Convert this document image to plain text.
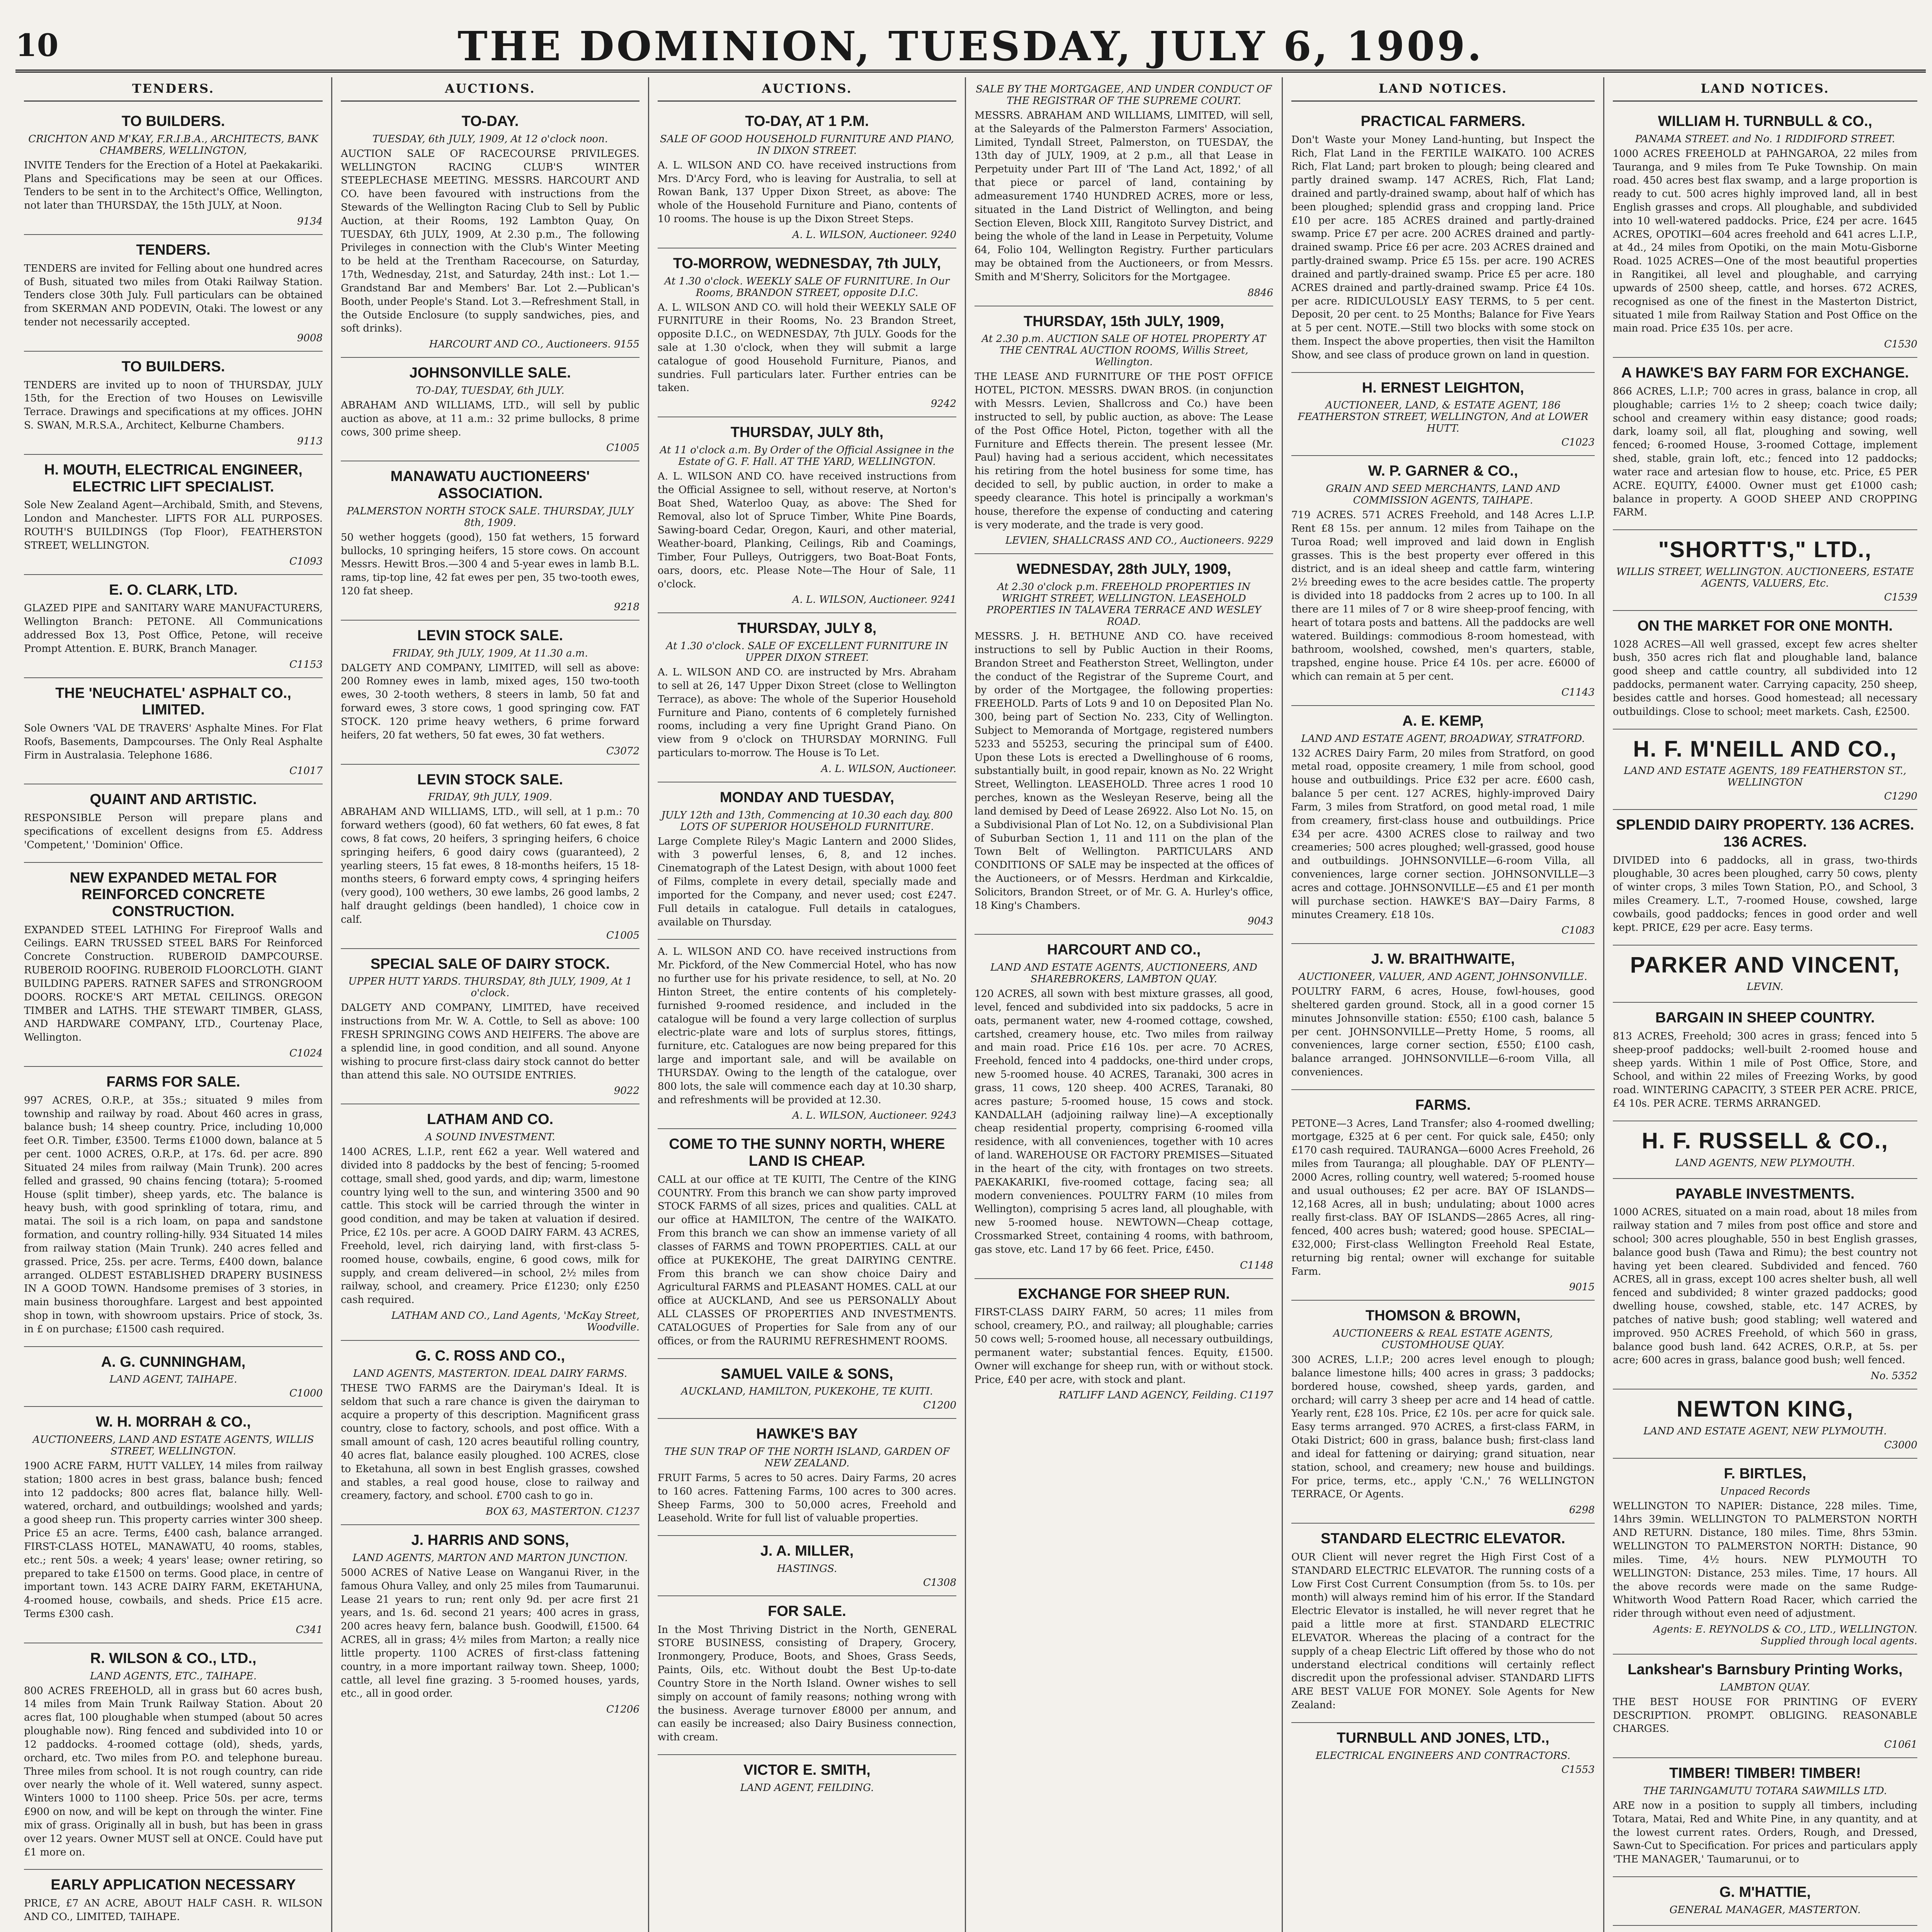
10	THE DOMINION, TUESDAY, JULY 6, 1909.
TENDERS.
TO BUILDERS.
CRICHTON AND M'KAY, F.R.I.B.A., ARCHITECTS, BANK CHAMBERS, WELLINGTON,
INVITE Tenders for the Erection of a Hotel at Paekakariki. Plans and Specifications may be seen at our Offices. Tenders to be sent in to the Architect's Office, Wellington, not later than THURSDAY, the 15th JULY, at Noon.
9134
TENDERS.
TENDERS are invited for Felling about one hundred acres of Bush, situated two miles from Otaki Railway Station. Tenders close 30th July. Full particulars can be obtained from SKERMAN AND PODEVIN, Otaki. The lowest or any tender not necessarily accepted.
9008
TO BUILDERS.
TENDERS are invited up to noon of THURSDAY, JULY 15th, for the Erection of two Houses on Lewisville Terrace. Drawings and specifications at my offices. JOHN S. SWAN, M.R.S.A., Architect, Kelburne Chambers.
9113
H. MOUTH, ELECTRICAL ENGINEER, ELECTRIC LIFT SPECIALIST.
Sole New Zealand Agent—Archibald, Smith, and Stevens, London and Manchester. LIFTS FOR ALL PURPOSES. ROUTH'S BUILDINGS (Top Floor), FEATHERSTON STREET, WELLINGTON.
C1093
E. O. CLARK, LTD.
GLAZED PIPE and SANITARY WARE MANUFACTURERS, Wellington Branch: PETONE. All Communications addressed Box 13, Post Office, Petone, will receive Prompt Attention. E. BURK, Branch Manager.
C1153
THE 'NEUCHATEL' ASPHALT CO., LIMITED.
Sole Owners 'VAL DE TRAVERS' Asphalte Mines. For Flat Roofs, Basements, Dampcourses. The Only Real Asphalte Firm in Australasia. Telephone 1686.
C1017
QUAINT AND ARTISTIC.
RESPONSIBLE Person will prepare plans and specifications of excellent designs from £5. Address 'Competent,' 'Dominion' Office.
NEW EXPANDED METAL FOR REINFORCED CONCRETE CONSTRUCTION.
EXPANDED STEEL LATHING For Fireproof Walls and Ceilings. EARN TRUSSED STEEL BARS For Reinforced Concrete Construction. RUBEROID DAMPCOURSE. RUBEROID ROOFING. RUBEROID FLOORCLOTH. GIANT BUILDING PAPERS. RATNER SAFES and STRONGROOM DOORS. ROCKE'S ART METAL CEILINGS. OREGON TIMBER and LATHS. THE STEWART TIMBER, GLASS, AND HARDWARE COMPANY, LTD., Courtenay Place, Wellington.
C1024
FARMS FOR SALE.
997 ACRES, O.R.P., at 35s.; situated 9 miles from township and railway by road. About 460 acres in grass, balance bush; 14 sheep country. Price, including 10,000 feet O.R. Timber, £3500. Terms £1000 down, balance at 5 per cent. 1000 ACRES, O.R.P., at 17s. 6d. per acre. 890 Situated 24 miles from railway (Main Trunk). 200 acres felled and grassed, 90 chains fencing (totara); 5-roomed House (split timber), sheep yards, etc. The balance is heavy bush, with good sprinkling of totara, rimu, and matai. The soil is a rich loam, on papa and sandstone formation, and country rolling-hilly. 934 Situated 14 miles from railway station (Main Trunk). 240 acres felled and grassed. Price, 25s. per acre. Terms, £400 down, balance arranged. OLDEST ESTABLISHED DRAPERY BUSINESS IN A GOOD TOWN. Handsome premises of 3 stories, in main business thoroughfare. Largest and best appointed shop in town, with showroom upstairs. Price of stock, 3s. in £ on purchase; £1500 cash required.
A. G. CUNNINGHAM,
LAND AGENT, TAIHAPE.
C1000
W. H. MORRAH & CO.,
AUCTIONEERS, LAND AND ESTATE AGENTS, WILLIS STREET, WELLINGTON.
1900 ACRE FARM, HUTT VALLEY, 14 miles from railway station; 1800 acres in best grass, balance bush; fenced into 12 paddocks; 800 acres flat, balance hilly. Well-watered, orchard, and outbuildings; woolshed and yards; a good sheep run. This property carries winter 300 sheep. Price £5 an acre. Terms, £400 cash, balance arranged. FIRST-CLASS HOTEL, MANAWATU, 40 rooms, stables, etc.; rent 50s. a week; 4 years' lease; owner retiring, so prepared to take £1500 on terms. Good place, in centre of important town. 143 ACRE DAIRY FARM, EKETAHUNA, 4-roomed house, cowbails, and sheds. Price £15 acre. Terms £300 cash.
C341
R. WILSON & CO., LTD.,
LAND AGENTS, ETC., TAIHAPE.
800 ACRES FREEHOLD, all in grass but 60 acres bush, 14 miles from Main Trunk Railway Station. About 20 acres flat, 100 ploughable when stumped (about 50 acres ploughable now). Ring fenced and subdivided into 10 or 12 paddocks. 4-roomed cottage (old), sheds, yards, orchard, etc. Two miles from P.O. and telephone bureau. Three miles from school. It is not rough country, can ride over nearly the whole of it. Well watered, sunny aspect. Winters 1000 to 1100 sheep. Price 50s. per acre, terms £900 on now, and will be kept on through the winter. Fine mix of grass. Originally all in bush, but has been in grass over 12 years. Owner MUST sell at ONCE. Could have put £1 more on.
EARLY APPLICATION NECESSARY
PRICE, £7 AN ACRE, ABOUT HALF CASH. R. WILSON AND CO., LIMITED, TAIHAPE.
AUCTIONS.
TO-DAY.
TUESDAY, 6th JULY, 1909, At 12 o'clock noon.
AUCTION SALE OF RACECOURSE PRIVILEGES. WELLINGTON RACING CLUB'S WINTER STEEPLECHASE MEETING. MESSRS. HARCOURT AND CO. have been favoured with instructions from the Stewards of the Wellington Racing Club to Sell by Public Auction, at their Rooms, 192 Lambton Quay, On TUESDAY, 6th JULY, 1909, At 2.30 p.m., The following Privileges in connection with the Club's Winter Meeting to be held at the Trentham Racecourse, on Saturday, 17th, Wednesday, 21st, and Saturday, 24th inst.: Lot 1.—Grandstand Bar and Members' Bar. Lot 2.—Publican's Booth, under People's Stand. Lot 3.—Refreshment Stall, in the Outside Enclosure (to supply sandwiches, pies, and soft drinks).
HARCOURT AND CO., Auctioneers. 9155
JOHNSONVILLE SALE.
TO-DAY, TUESDAY, 6th JULY.
ABRAHAM AND WILLIAMS, LTD., will sell by public auction as above, at 11 a.m.: 32 prime bullocks, 8 prime cows, 300 prime sheep.
C1005
MANAWATU AUCTIONEERS' ASSOCIATION.
PALMERSTON NORTH STOCK SALE. THURSDAY, JULY 8th, 1909.
50 wether hoggets (good), 150 fat wethers, 15 forward bullocks, 10 springing heifers, 15 store cows. On account Messrs. Hewitt Bros.—300 4 and 5-year ewes in lamb B.L. rams, tip-top line, 42 fat ewes per pen, 35 two-tooth ewes, 120 fat sheep.
9218
LEVIN STOCK SALE.
FRIDAY, 9th JULY, 1909, At 11.30 a.m.
DALGETY AND COMPANY, LIMITED, will sell as above: 200 Romney ewes in lamb, mixed ages, 150 two-tooth ewes, 30 2-tooth wethers, 8 steers in lamb, 50 fat and forward ewes, 3 store cows, 1 good springing cow. FAT STOCK. 120 prime heavy wethers, 6 prime forward heifers, 20 fat wethers, 50 fat ewes, 30 fat wethers.
C3072
LEVIN STOCK SALE.
FRIDAY, 9th JULY, 1909.
ABRAHAM AND WILLIAMS, LTD., will sell, at 1 p.m.: 70 forward wethers (good), 60 fat wethers, 60 fat ewes, 8 fat cows, 8 fat cows, 20 heifers, 3 springing heifers, 6 choice springing heifers, 6 good dairy cows (guaranteed), 2 yearling steers, 15 fat ewes, 8 18-months heifers, 15 18-months steers, 6 forward empty cows, 4 springing heifers (very good), 100 wethers, 30 ewe lambs, 26 good lambs, 2 half draught geldings (been handled), 1 choice cow in calf.
C1005
SPECIAL SALE OF DAIRY STOCK.
UPPER HUTT YARDS. THURSDAY, 8th JULY, 1909, At 1 o'clock.
DALGETY AND COMPANY, LIMITED, have received instructions from Mr. W. A. Cottle, to Sell as above: 100 FRESH SPRINGING COWS AND HEIFERS. The above are a splendid line, in good condition, and all sound. Anyone wishing to procure first-class dairy stock cannot do better than attend this sale. NO OUTSIDE ENTRIES.
9022
LATHAM AND CO.
A SOUND INVESTMENT.
1400 ACRES, L.I.P., rent £62 a year. Well watered and divided into 8 paddocks by the best of fencing; 5-roomed cottage, small shed, good yards, and dip; warm, limestone country lying well to the sun, and wintering 3500 and 90 cattle. This stock will be carried through the winter in good condition, and may be taken at valuation if desired. Price, £2 10s. per acre. A GOOD DAIRY FARM. 43 ACRES, Freehold, level, rich dairying land, with first-class 5-roomed house, cowbails, engine, 6 good cows, milk for supply, and cream delivered—in school, 2½ miles from railway, school, and creamery. Price £1230; only £250 cash required.
LATHAM AND CO., Land Agents, 'McKay Street, Woodville.
G. C. ROSS AND CO.,
LAND AGENTS, MASTERTON. IDEAL DAIRY FARMS.
THESE TWO FARMS are the Dairyman's Ideal. It is seldom that such a rare chance is given the dairyman to acquire a property of this description. Magnificent grass country, close to factory, schools, and post office. With a small amount of cash, 120 acres beautiful rolling country, 40 acres flat, balance easily ploughed. 100 ACRES, close to Eketahuna, all sown in best English grasses, cowshed and stables, a real good house, close to railway and creamery, factory, and school. £700 cash to go in.
BOX 63, MASTERTON. C1237
J. HARRIS AND SONS,
LAND AGENTS, MARTON AND MARTON JUNCTION.
5000 ACRES of Native Lease on Wanganui River, in the famous Ohura Valley, and only 25 miles from Taumarunui. Lease 21 years to run; rent only 9d. per acre first 21 years, and 1s. 6d. second 21 years; 400 acres in grass, 200 acres heavy fern, balance bush. Goodwill, £1500. 64 ACRES, all in grass; 4½ miles from Marton; a really nice little property. 1100 ACRES of first-class fattening country, in a more important railway town. Sheep, 1000; cattle, all level fine grazing. 3 5-roomed houses, yards, etc., all in good order.
C1206
AUCTIONS.
TO-DAY, AT 1 P.M.
SALE OF GOOD HOUSEHOLD FURNITURE AND PIANO, IN DIXON STREET.
A. L. WILSON AND CO. have received instructions from Mrs. D'Arcy Ford, who is leaving for Australia, to sell at Rowan Bank, 137 Upper Dixon Street, as above: The whole of the Household Furniture and Piano, contents of 10 rooms. The house is up the Dixon Street Steps.
A. L. WILSON, Auctioneer. 9240
TO-MORROW, WEDNESDAY, 7th JULY,
At 1.30 o'clock. WEEKLY SALE OF FURNITURE. In Our Rooms, BRANDON STREET, opposite D.I.C.
A. L. WILSON AND CO. will hold their WEEKLY SALE OF FURNITURE in their Rooms, No. 23 Brandon Street, opposite D.I.C., on WEDNESDAY, 7th JULY. Goods for the sale at 1.30 o'clock, when they will submit a large catalogue of good Household Furniture, Pianos, and sundries. Full particulars later. Further entries can be taken.
9242
THURSDAY, JULY 8th,
At 11 o'clock a.m. By Order of the Official Assignee in the Estate of G. F. Hall. AT THE YARD, WELLINGTON.
A. L. WILSON AND CO. have received instructions from the Official Assignee to sell, without reserve, at Norton's Boat Shed, Waterloo Quay, as above: The Shed for Removal, also lot of Spruce Timber, White Pine Boards, Sawing-board Cedar, Oregon, Kauri, and other material, Weather-board, Planking, Ceilings, Rib and Coamings, Timber, Four Pulleys, Outriggers, two Boat-Boat Fonts, oars, doors, etc. Please Note—The Hour of Sale, 11 o'clock.
A. L. WILSON, Auctioneer. 9241
THURSDAY, JULY 8,
At 1.30 o'clock. SALE OF EXCELLENT FURNITURE IN UPPER DIXON STREET.
A. L. WILSON AND CO. are instructed by Mrs. Abraham to sell at 26, 147 Upper Dixon Street (close to Wellington Terrace), as above: The whole of the Superior Household Furniture and Piano, contents of 6 completely furnished rooms, including a very fine Upright Grand Piano. On view from 9 o'clock on THURSDAY MORNING. Full particulars to-morrow. The House is To Let.
A. L. WILSON, Auctioneer.
MONDAY AND TUESDAY,
JULY 12th and 13th, Commencing at 10.30 each day. 800 LOTS OF SUPERIOR HOUSEHOLD FURNITURE.
Large Complete Riley's Magic Lantern and 2000 Slides, with 3 powerful lenses, 6, 8, and 12 inches. Cinematograph of the Latest Design, with about 1000 feet of Films, complete in every detail, specially made and imported for the Company, and never used; cost £247. Full details in catalogue. Full details in catalogues, available on Thursday.
A. L. WILSON AND CO. have received instructions from Mr. Pickford, of the New Commercial Hotel, who has now no further use for his private residence, to sell, at No. 20 Hinton Street, the entire contents of his completely-furnished 9-roomed residence, and included in the catalogue will be found a very large collection of surplus electric-plate ware and lots of surplus stores, fittings, furniture, etc. Catalogues are now being prepared for this large and important sale, and will be available on THURSDAY. Owing to the length of the catalogue, over 800 lots, the sale will commence each day at 10.30 sharp, and refreshments will be provided at 12.30.
A. L. WILSON, Auctioneer. 9243
COME TO THE SUNNY NORTH, WHERE LAND IS CHEAP.
CALL at our office at TE KUITI, The Centre of the KING COUNTRY. From this branch we can show party improved STOCK FARMS of all sizes, prices and qualities. CALL at our office at HAMILTON, The centre of the WAIKATO. From this branch we can show an immense variety of all classes of FARMS and TOWN PROPERTIES. CALL at our office at PUKEKOHE, The great DAIRYING CENTRE. From this branch we can show choice Dairy and Agricultural FARMS and PLEASANT HOMES. CALL at our office at AUCKLAND, And see us PERSONALLY About ALL CLASSES OF PROPERTIES AND INVESTMENTS. CATALOGUES of Properties for Sale from any of our offices, or from the RAURIMU REFRESHMENT ROOMS.
SAMUEL VAILE & SONS,
AUCKLAND, HAMILTON, PUKEKOHE, TE KUITI.
C1200
HAWKE'S BAY
THE SUN TRAP OF THE NORTH ISLAND, GARDEN OF NEW ZEALAND.
FRUIT Farms, 5 acres to 50 acres. Dairy Farms, 20 acres to 160 acres. Fattening Farms, 100 acres to 300 acres. Sheep Farms, 300 to 50,000 acres, Freehold and Leasehold. Write for full list of valuable properties.
J. A. MILLER,
HASTINGS.
C1308
FOR SALE.
In the Most Thriving District in the North, GENERAL STORE BUSINESS, consisting of Drapery, Grocery, Ironmongery, Produce, Boots, and Shoes, Grass Seeds, Paints, Oils, etc. Without doubt the Best Up-to-date Country Store in the North Island. Owner wishes to sell simply on account of family reasons; nothing wrong with the business. Average turnover £8000 per annum, and can easily be increased; also Dairy Business connection, with cream.
VICTOR E. SMITH,
LAND AGENT, FEILDING.
SALE BY THE MORTGAGEE, AND UNDER CONDUCT OF THE REGISTRAR OF THE SUPREME COURT.
MESSRS. ABRAHAM AND WILLIAMS, LIMITED, will sell, at the Saleyards of the Palmerston Farmers' Association, Limited, Tyndall Street, Palmerston, on TUESDAY, the 13th day of JULY, 1909, at 2 p.m., all that Lease in Perpetuity under Part III of 'The Land Act, 1892,' of all that piece or parcel of land, containing by admeasurement 1740 HUNDRED ACRES, more or less, situated in the Land District of Wellington, and being Section Eleven, Block XIII, Rangitoto Survey District, and being the whole of the land in Lease in Perpetuity, Volume 64, Folio 104, Wellington Registry. Further particulars may be obtained from the Auctioneers, or from Messrs. Smith and M'Sherry, Solicitors for the Mortgagee.
8846
THURSDAY, 15th JULY, 1909,
At 2.30 p.m. AUCTION SALE OF HOTEL PROPERTY AT THE CENTRAL AUCTION ROOMS, Willis Street, Wellington.
THE LEASE AND FURNITURE OF THE POST OFFICE HOTEL, PICTON. MESSRS. DWAN BROS. (in conjunction with Messrs. Levien, Shallcross and Co.) have been instructed to sell, by public auction, as above: The Lease of the Post Office Hotel, Picton, together with all the Furniture and Effects therein. The present lessee (Mr. Paul) having had a serious accident, which necessitates his retiring from the hotel business for some time, has decided to sell, by public auction, in order to make a speedy clearance. This hotel is principally a workman's house, therefore the expense of conducting and catering is very moderate, and the trade is very good.
LEVIEN, SHALLCRASS AND CO., Auctioneers. 9229
WEDNESDAY, 28th JULY, 1909,
At 2.30 o'clock p.m. FREEHOLD PROPERTIES IN WRIGHT STREET, WELLINGTON. LEASEHOLD PROPERTIES IN TALAVERA TERRACE AND WESLEY ROAD.
MESSRS. J. H. BETHUNE AND CO. have received instructions to sell by Public Auction in their Rooms, Brandon Street and Featherston Street, Wellington, under the conduct of the Registrar of the Supreme Court, and by order of the Mortgagee, the following properties: FREEHOLD. Parts of Lots 9 and 10 on Deposited Plan No. 300, being part of Section No. 233, City of Wellington. Subject to Memoranda of Mortgage, registered numbers 5233 and 55253, securing the principal sum of £400. Upon these Lots is erected a Dwellinghouse of 6 rooms, substantially built, in good repair, known as No. 22 Wright Street, Wellington. LEASEHOLD. Three acres 1 rood 10 perches, known as the Wesleyan Reserve, being all the land demised by Deed of Lease 26922. Also Lot No. 15, on a Subdivisional Plan of Lot No. 12, on a Subdivisional Plan of Suburban Section 1, 11 and 111 on the plan of the Town Belt of Wellington. PARTICULARS AND CONDITIONS OF SALE may be inspected at the offices of the Auctioneers, or of Messrs. Herdman and Kirkcaldie, Solicitors, Brandon Street, or of Mr. G. A. Hurley's office, 18 King's Chambers.
9043
HARCOURT AND CO.,
LAND AND ESTATE AGENTS, AUCTIONEERS, AND SHAREBROKERS, LAMBTON QUAY.
120 ACRES, all sown with best mixture grasses, all good, level, fenced and subdivided into six paddocks, 5 acre in oats, permanent water, new 4-roomed cottage, cowshed, cartshed, creamery house, etc. Two miles from railway and main road. Price £16 10s. per acre. 70 ACRES, Freehold, fenced into 4 paddocks, one-third under crops, new 5-roomed house. 40 ACRES, Taranaki, 300 acres in grass, 11 cows, 120 sheep. 400 ACRES, Taranaki, 80 acres pasture; 5-roomed house, 15 cows and stock. KANDALLAH (adjoining railway line)—A exceptionally cheap residential property, comprising 6-roomed villa residence, with all conveniences, together with 10 acres of land. WAREHOUSE OR FACTORY PREMISES—Situated in the heart of the city, with frontages on two streets. PAEKAKARIKI, five-roomed cottage, facing sea; all modern conveniences. POULTRY FARM (10 miles from Wellington), comprising 5 acres land, all ploughable, with new 5-roomed house. NEWTOWN—Cheap cottage, Crossmarked Street, containing 4 rooms, with bathroom, gas stove, etc. Land 17 by 66 feet. Price, £450.
C1148
EXCHANGE FOR SHEEP RUN.
FIRST-CLASS DAIRY FARM, 50 acres; 11 miles from school, creamery, P.O., and railway; all ploughable; carries 50 cows well; 5-roomed house, all necessary outbuildings, permanent water; substantial fences. Equity, £1500. Owner will exchange for sheep run, with or without stock. Price, £40 per acre, with stock and plant.
RATLIFF LAND AGENCY, Feilding. C1197
LAND NOTICES.
PRACTICAL FARMERS.
Don't Waste your Money Land-hunting, but Inspect the Rich, Flat Land in the FERTILE WAIKATO. 100 ACRES Rich, Flat Land; part broken to plough; being cleared and partly drained swamp. 147 ACRES, Rich, Flat Land; drained and partly-drained swamp, about half of which has been ploughed; splendid grass and cropping land. Price £10 per acre. 185 ACRES drained and partly-drained swamp. Price £7 per acre. 200 ACRES drained and partly-drained swamp. Price £6 per acre. 203 ACRES drained and partly-drained swamp. Price £5 15s. per acre. 190 ACRES drained and partly-drained swamp. Price £5 per acre. 180 ACRES drained and partly-drained swamp. Price £4 10s. per acre. RIDICULOUSLY EASY TERMS, to 5 per cent. Deposit, 20 per cent. to 25 Months; Balance for Five Years at 5 per cent. NOTE.—Still two blocks with some stock on them. Inspect the above properties, then visit the Hamilton Show, and see class of produce grown on land in question.
H. ERNEST LEIGHTON,
AUCTIONEER, LAND, & ESTATE AGENT, 186 FEATHERSTON STREET, WELLINGTON, And at LOWER HUTT.
C1023
W. P. GARNER & CO.,
GRAIN AND SEED MERCHANTS, LAND AND COMMISSION AGENTS, TAIHAPE.
719 ACRES. 571 ACRES Freehold, and 148 Acres L.I.P. Rent £8 15s. per annum. 12 miles from Taihape on the Turoa Road; well improved and laid down in English grasses. This is the best property ever offered in this district, and is an ideal sheep and cattle farm, wintering 2½ breeding ewes to the acre besides cattle. The property is divided into 18 paddocks from 2 acres up to 100. In all there are 11 miles of 7 or 8 wire sheep-proof fencing, with heart of totara posts and battens. All the paddocks are well watered. Buildings: commodious 8-room homestead, with bathroom, woolshed, cowshed, men's quarters, stable, trapshed, engine house. Price £4 10s. per acre. £6000 of which can remain at 5 per cent.
C1143
A. E. KEMP,
LAND AND ESTATE AGENT, BROADWAY, STRATFORD.
132 ACRES Dairy Farm, 20 miles from Stratford, on good metal road, opposite creamery, 1 mile from school, good house and outbuildings. Price £32 per acre. £600 cash, balance 5 per cent. 127 ACRES, highly-improved Dairy Farm, 3 miles from Stratford, on good metal road, 1 mile from creamery, first-class house and outbuildings. Price £34 per acre. 4300 ACRES close to railway and two creameries; 500 acres ploughed; well-grassed, good house and outbuildings. JOHNSONVILLE—6-room Villa, all conveniences, large corner section. JOHNSONVILLE—3 acres and cottage. JOHNSONVILLE—£5 and £1 per month will purchase section. HAWKE'S BAY—Dairy Farms, 8 minutes Creamery. £18 10s.
C1083
J. W. BRAITHWAITE,
AUCTIONEER, VALUER, AND AGENT, JOHNSONVILLE.
POULTRY FARM, 6 acres, House, fowl-houses, good sheltered garden ground. Stock, all in a good corner 15 minutes Johnsonville station: £550; £100 cash, balance 5 per cent. JOHNSONVILLE—Pretty Home, 5 rooms, all conveniences, large corner section, £550; £100 cash, balance arranged. JOHNSONVILLE—6-room Villa, all conveniences.
FARMS.
PETONE—3 Acres, Land Transfer; also 4-roomed dwelling; mortgage, £325 at 6 per cent. For quick sale, £450; only £170 cash required. TAURANGA—6000 Acres Freehold, 26 miles from Tauranga; all ploughable. DAY OF PLENTY—2000 Acres, rolling country, well watered; 5-roomed house and usual outhouses; £2 per acre. BAY OF ISLANDS—12,168 Acres, all in bush; undulating; about 1000 acres really first-class. BAY OF ISLANDS—2865 Acres, all ring-fenced, 400 acres bush; watered; good house. SPECIAL—£32,000; First-class Wellington Freehold Real Estate, returning big rental; owner will exchange for suitable Farm.
9015
THOMSON & BROWN,
AUCTIONEERS & REAL ESTATE AGENTS, CUSTOMHOUSE QUAY.
300 ACRES, L.I.P.; 200 acres level enough to plough; balance limestone hills; 400 acres in grass; 3 paddocks; bordered house, cowshed, sheep yards, garden, and orchard; will carry 3 sheep per acre and 14 head of cattle. Yearly rent, £28 10s. Price, £2 10s. per acre for quick sale. Easy terms arranged. 970 ACRES, a first-class FARM, in Otaki District; 600 in grass, balance bush; first-class land and ideal for fattening or dairying; grand situation, near station, school, and creamery; new house and buildings. For price, terms, etc., apply 'C.N.,' 76 WELLINGTON TERRACE, Or Agents.
6298
STANDARD ELECTRIC ELEVATOR.
OUR Client will never regret the High First Cost of a STANDARD ELECTRIC ELEVATOR. The running costs of a Low First Cost Current Consumption (from 5s. to 10s. per month) will always remind him of his error. If the Standard Electric Elevator is installed, he will never regret that he paid a little more at first. STANDARD ELECTRIC ELEVATOR. Whereas the placing of a contract for the supply of a cheap Electric Lift offered by those who do not understand electrical conditions will certainly reflect discredit upon the professional adviser. STANDARD LIFTS ARE BEST VALUE FOR MONEY. Sole Agents for New Zealand:
TURNBULL AND JONES, LTD.,
ELECTRICAL ENGINEERS AND CONTRACTORS.
C1553
LAND NOTICES.
WILLIAM H. TURNBULL & CO.,
PANAMA STREET. and No. 1 RIDDIFORD STREET.
1000 ACRES FREEHOLD at PAHNGAROA, 22 miles from Tauranga, and 9 miles from Te Puke Township. On main road. 450 acres best flax swamp, and a large proportion is ready to cut. 500 acres highly improved land, all in best English grasses and crops. All ploughable, and subdivided into 10 well-watered paddocks. Price, £24 per acre. 1645 ACRES, OPOTIKI—604 acres freehold and 641 acres L.I.P., at 4d., 24 miles from Opotiki, on the main Motu-Gisborne Road. 1025 ACRES—One of the most beautiful properties in Rangitikei, all level and ploughable, and carrying upwards of 2500 sheep, cattle, and horses. 672 ACRES, recognised as one of the finest in the Masterton District, situated 1 mile from Railway Station and Post Office on the main road. Price £35 10s. per acre.
C1530
A HAWKE'S BAY FARM FOR EXCHANGE.
866 ACRES, L.I.P.; 700 acres in grass, balance in crop, all ploughable; carries 1½ to 2 sheep; coach twice daily; school and creamery within easy distance; good roads; dark, loamy soil, all flat, ploughing and sowing, well fenced; 6-roomed House, 3-roomed Cottage, implement shed, stable, grain loft, etc.; fenced into 12 paddocks; water race and artesian flow to house, etc. Price, £5 PER ACRE. EQUITY, £4000. Owner must get £1000 cash; balance in property. A GOOD SHEEP AND CROPPING FARM.
"SHORTT'S," LTD.,
WILLIS STREET, WELLINGTON. AUCTIONEERS, ESTATE AGENTS, VALUERS, Etc.
C1539
ON THE MARKET FOR ONE MONTH.
1028 ACRES—All well grassed, except few acres shelter bush, 350 acres rich flat and ploughable land, balance good sheep and cattle country, all subdivided into 12 paddocks, permanent water. Carrying capacity, 250 sheep, besides cattle and horses. Good homestead; all necessary outbuildings. Close to school; meet markets. Cash, £2500.
H. F. M'NEILL AND CO.,
LAND AND ESTATE AGENTS, 189 FEATHERSTON ST., WELLINGTON
C1290
SPLENDID DAIRY PROPERTY. 136 ACRES. 136 ACRES.
DIVIDED into 6 paddocks, all in grass, two-thirds ploughable, 30 acres been ploughed, carry 50 cows, plenty of winter crops, 3 miles Town Station, P.O., and School, 3 miles Creamery. L.T., 7-roomed House, cowshed, large cowbails, good paddocks; fences in good order and well kept. PRICE, £29 per acre. Easy terms.
PARKER AND VINCENT,
LEVIN.
BARGAIN IN SHEEP COUNTRY.
813 ACRES, Freehold; 300 acres in grass; fenced into 5 sheep-proof paddocks; well-built 2-roomed house and sheep yards. Within 1 mile of Post Office, Store, and School, and within 22 miles of Freezing Works, by good road. WINTERING CAPACITY, 3 STEER PER ACRE. PRICE, £4 10s. PER ACRE. TERMS ARRANGED.
H. F. RUSSELL & CO.,
LAND AGENTS, NEW PLYMOUTH.
PAYABLE INVESTMENTS.
1000 ACRES, situated on a main road, about 18 miles from railway station and 7 miles from post office and store and school; 300 acres ploughable, 550 in best English grasses, balance good bush (Tawa and Rimu); the best country not having yet been cleared. Subdivided and fenced. 760 ACRES, all in grass, except 100 acres shelter bush, all well fenced and subdivided; 8 winter grazed paddocks; good dwelling house, cowshed, stable, etc. 147 ACRES, by patches of native bush; good stabling; well watered and improved. 950 ACRES Freehold, of which 560 in grass, balance good bush land. 642 ACRES, O.R.P., at 5s. per acre; 600 acres in grass, balance good bush; well fenced.
No. 5352
NEWTON KING,
LAND AND ESTATE AGENT, NEW PLYMOUTH.
C3000
F. BIRTLES,
Unpaced Records
WELLINGTON TO NAPIER: Distance, 228 miles. Time, 14hrs 39min. WELLINGTON TO PALMERSTON NORTH AND RETURN. Distance, 180 miles. Time, 8hrs 53min. WELLINGTON TO PALMERSTON NORTH: Distance, 90 miles. Time, 4½ hours. NEW PLYMOUTH TO WELLINGTON: Distance, 253 miles. Time, 17 hours. All the above records were made on the same Rudge-Whitworth Wood Pattern Road Racer, which carried the rider through without even need of adjustment.
Agents: E. REYNOLDS & CO., LTD., WELLINGTON. Supplied through local agents.
Lankshear's Barnsbury Printing Works,
LAMBTON QUAY.
THE BEST HOUSE FOR PRINTING OF EVERY DESCRIPTION. PROMPT. OBLIGING. REASONABLE CHARGES.
C1061
TIMBER! TIMBER! TIMBER!
THE TARINGAMUTU TOTARA SAWMILLS LTD.
ARE now in a position to supply all timbers, including Totara, Matai, Red and White Pine, in any quantity, and at the lowest current rates. Orders, Rough, and Dressed, Sawn-Cut to Specification. For prices and particulars apply 'THE MANAGER,' Taumarunui, or to
G. M'HATTIE,
GENERAL MANAGER, MASTERTON.
